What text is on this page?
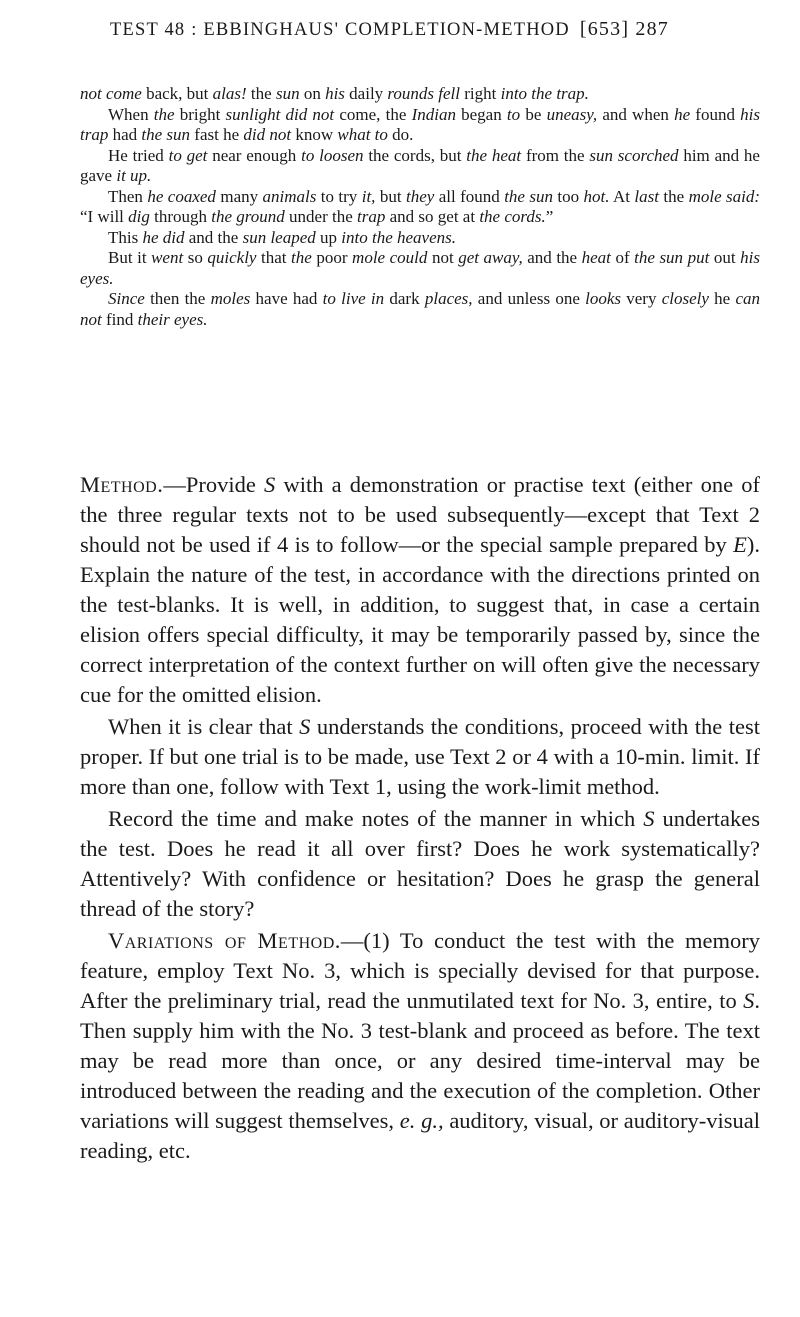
TEST 48 : EBBINGHAUS' COMPLETION-METHOD [653] 287

not come back, but alas! the sun on his daily rounds fell right into the trap.

When the bright sunlight did not come, the Indian began to be uneasy, and when he found his trap had the sun fast he did not know what to do.

He tried to get near enough to loosen the cords, but the heat from the sun scorched him and he gave it up.

Then he coaxed many animals to try it, but they all found the sun too hot. At last the mole said: “I will dig through the ground under the trap and so get at the cords.”

This he did and the sun leaped up into the heavens.

But it went so quickly that the poor mole could not get away, and the heat of the sun put out his eyes.

Since then the moles have had to live in dark places, and unless one looks very closely he can not find their eyes.

Method.—Provide S with a demonstration or practise text (either one of the three regular texts not to be used subsequently—except that Text 2 should not be used if 4 is to follow—or the special sample prepared by E). Explain the nature of the test, in accordance with the directions printed on the test-blanks. It is well, in addition, to suggest that, in case a certain elision offers special difficulty, it may be temporarily passed by, since the correct interpretation of the context further on will often give the necessary cue for the omitted elision.

When it is clear that S understands the conditions, proceed with the test proper. If but one trial is to be made, use Text 2 or 4 with a 10-min. limit. If more than one, follow with Text 1, using the work-limit method.

Record the time and make notes of the manner in which S undertakes the test. Does he read it all over first? Does he work systematically? Attentively? With confidence or hesitation? Does he grasp the general thread of the story?

Variations of Method.—(1) To conduct the test with the memory feature, employ Text No. 3, which is specially devised for that purpose. After the preliminary trial, read the unmutilated text for No. 3, entire, to S. Then supply him with the No. 3 test-blank and proceed as before. The text may be read more than once, or any desired time-interval may be introduced between the reading and the execution of the completion. Other variations will suggest themselves, e. g., auditory, visual, or auditory-visual reading, etc.
